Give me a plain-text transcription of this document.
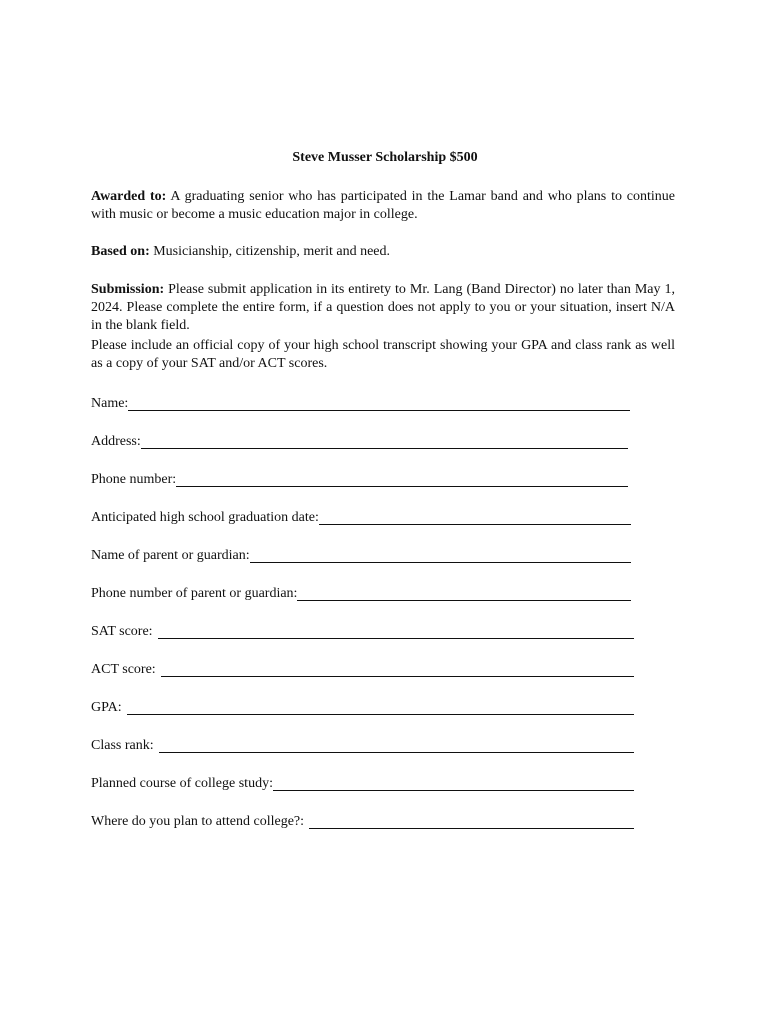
Steve Musser Scholarship $500
Awarded to: A graduating senior who has participated in the Lamar band and who plans to continue with music or become a music education major in college.
Based on: Musicianship, citizenship, merit and need.
Submission: Please submit application in its entirety to Mr. Lang (Band Director) no later than May 1, 2024. Please complete the entire form, if a question does not apply to you or your situation, insert N/A in the blank field.
Please include an official copy of your high school transcript showing your GPA and class rank as well as a copy of your SAT and/or ACT scores.
Name:
Address:
Phone number:
Anticipated high school graduation date:
Name of parent or guardian:
Phone number of parent or guardian:
SAT score:
ACT score:
GPA:
Class rank:
Planned course of college study:
Where do you plan to attend college?:
